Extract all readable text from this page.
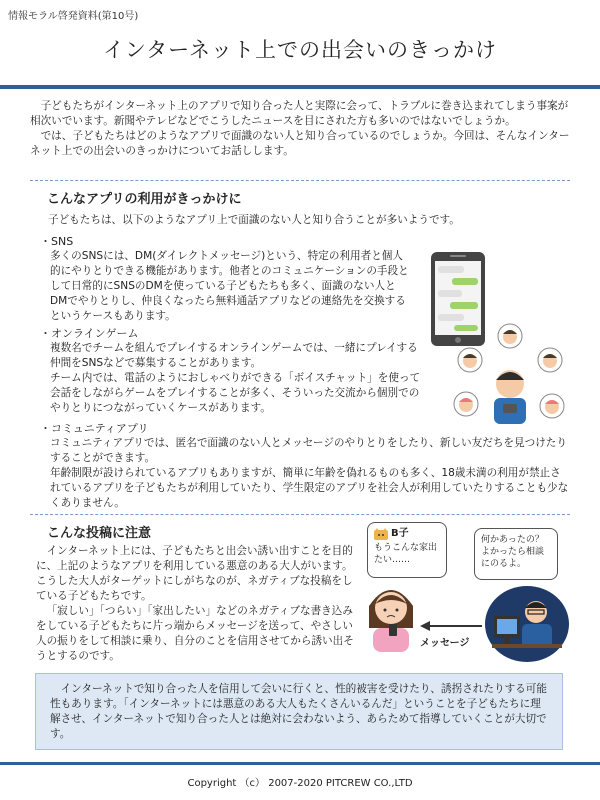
情報モラル啓発資料(第10号)
インターネット上での出会いのきっかけ

子どもたちがインターネット上のアプリで知り合った人と実際に会って、トラブルに巻き込まれてしまう事案が相次いでいます。新聞やテレビなどでこうしたニュースを目にされた方も多いのではないでしょうか。

では、子どもたちはどのようなアプリで面識のない人と知り合っているのでしょうか。今回は、そんなインターネット上での出会いのきっかけについてお話しします。

こんなアプリの利用がきっかけに
子どもたちは、以下のようなアプリ上で面識のない人と知り合うことが多いようです。
・SNS

多くのSNSには、DM(ダイレクトメッセージ)という、特定の利用者と個人的にやりとりできる機能があります。他者とのコミュニケーションの手段として日常的にSNSのDMを使っている子どもたちも多く、面識のない人とDMでやりとりし、仲良くなったら無料通話アプリなどの連絡先を交換するというケースもあります。

・オンラインゲーム

複数名でチームを組んでプレイするオンラインゲームでは、一緒にプレイする仲間をSNSなどで募集することがあります。

チーム内では、電話のようにおしゃべりができる「ボイスチャット」を使って会話をしながらゲームをプレイすることが多く、そういった交流から個別でのやりとりにつながっていくケースがあります。

・コミュニティアプリ

コミュニティアプリでは、匿名で面識のない人とメッセージのやりとりをしたり、新しい友だちを見つけたりすることができます。

年齢制限が設けられているアプリもありますが、簡単に年齢を偽れるものも多く、18歳未満の利用が禁止されているアプリを子どもたちが利用していたり、学生限定のアプリを社会人が利用していたりすることも少なくありません。

こんな投稿に注意

インターネット上には、子どもたちと出会い誘い出すことを目的に、上記のようなアプリを利用している悪意のある大人がいます。こうした大人がターゲットにしがちなのが、ネガティブな投稿をしている子どもたちです。

「寂しい」「つらい」「家出したい」などのネガティブな書き込みをしている子どもたちに片っ端からメッセージを送って、やさしい人の振りをして相談に乗り、自分のことを信用させてから誘い出そうとするのです。

B子
もうこんな家出たい……
何かあったの？よかったら相談にのるよ。
メッセージ

インターネットで知り合った人を信用して会いに行くと、性的被害を受けたり、誘拐されたりする可能性もあります。「インターネットには悪意のある大人もたくさんいるんだ」ということを子どもたちに理解させ、インターネットで知り合った人とは絶対に会わないよう、あらためて指導していくことが大切です。

Copyright （c） 2007-2020 PITCREW CO.,LTD
